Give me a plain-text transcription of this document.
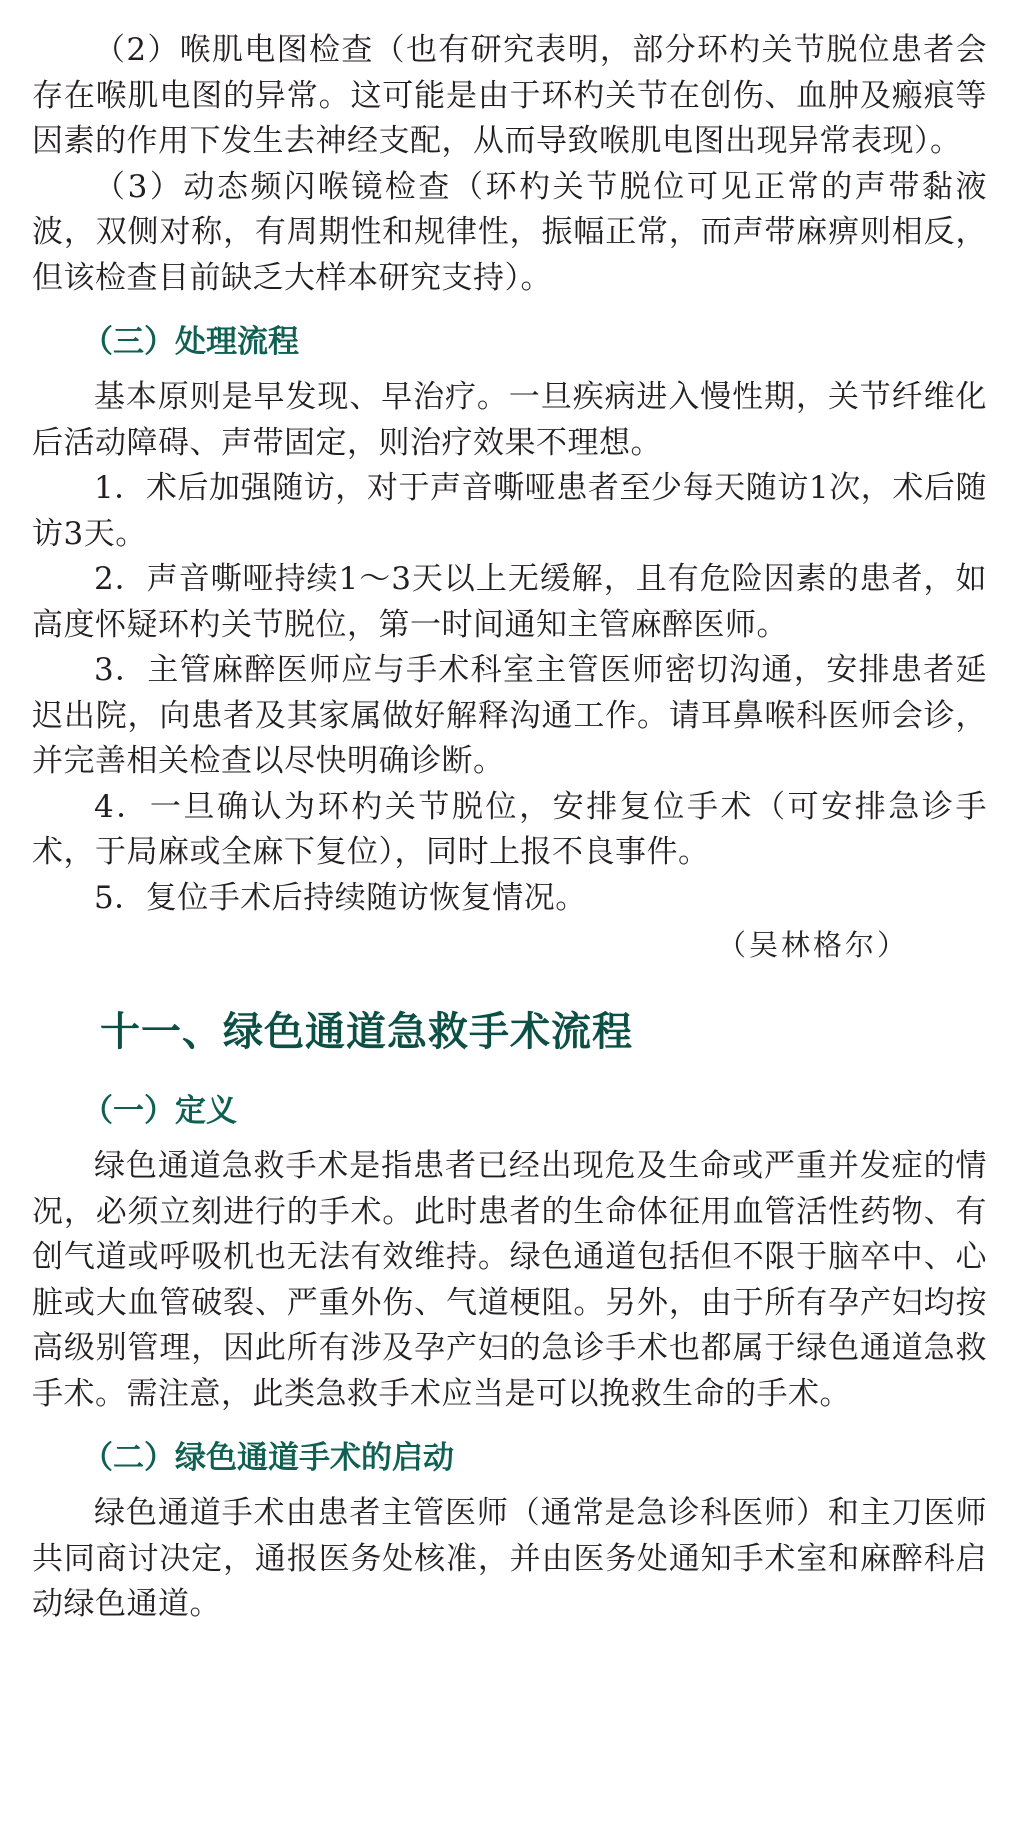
（2）喉肌电图检查（也有研究表明，部分环杓关节脱位患者会存在喉肌电图的异常。这可能是由于环杓关节在创伤、血肿及瘢痕等因素的作用下发生去神经支配，从而导致喉肌电图出现异常表现）。

（3）动态频闪喉镜检查（环杓关节脱位可见正常的声带黏液波，双侧对称，有周期性和规律性，振幅正常，而声带麻痹则相反，但该检查目前缺乏大样本研究支持）。

（三）处理流程

基本原则是早发现、早治疗。一旦疾病进入慢性期，关节纤维化后活动障碍、声带固定，则治疗效果不理想。

1．术后加强随访，对于声音嘶哑患者至少每天随访1次，术后随访3天。

2．声音嘶哑持续1～3天以上无缓解，且有危险因素的患者，如高度怀疑环杓关节脱位，第一时间通知主管麻醉医师。

3．主管麻醉医师应与手术科室主管医师密切沟通，安排患者延迟出院，向患者及其家属做好解释沟通工作。请耳鼻喉科医师会诊，并完善相关检查以尽快明确诊断。

4．一旦确认为环杓关节脱位，安排复位手术（可安排急诊手术，于局麻或全麻下复位），同时上报不良事件。

5．复位手术后持续随访恢复情况。

（吴林格尔）
十一、绿色通道急救手术流程
（一）定义

绿色通道急救手术是指患者已经出现危及生命或严重并发症的情况，必须立刻进行的手术。此时患者的生命体征用血管活性药物、有创气道或呼吸机也无法有效维持。绿色通道包括但不限于脑卒中、心脏或大血管破裂、严重外伤、气道梗阻。另外，由于所有孕产妇均按高级别管理，因此所有涉及孕产妇的急诊手术也都属于绿色通道急救手术。需注意，此类急救手术应当是可以挽救生命的手术。

（二）绿色通道手术的启动

绿色通道手术由患者主管医师（通常是急诊科医师）和主刀医师共同商讨决定，通报医务处核准，并由医务处通知手术室和麻醉科启动绿色通道。
